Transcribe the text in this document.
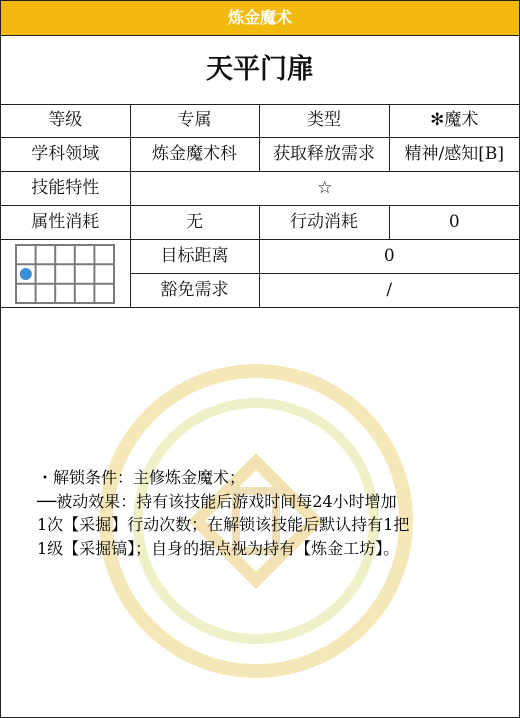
炼金魔术
天平门扉
等级	专属	类型	✻魔术
学科领域	炼金魔术科	获取释放需求	精神/感知[B]
技能特性	☆		
属性消耗	无	行动消耗	0
	目标距离	0	
	豁免需求	/	
・解锁条件：主修炼金魔术；
──被动效果：持有该技能后游戏时间每24小时增加
1次【采掘】行动次数；在解锁该技能后默认持有1把
1级【采掘镐】；自身的据点视为持有【炼金工坊】。
